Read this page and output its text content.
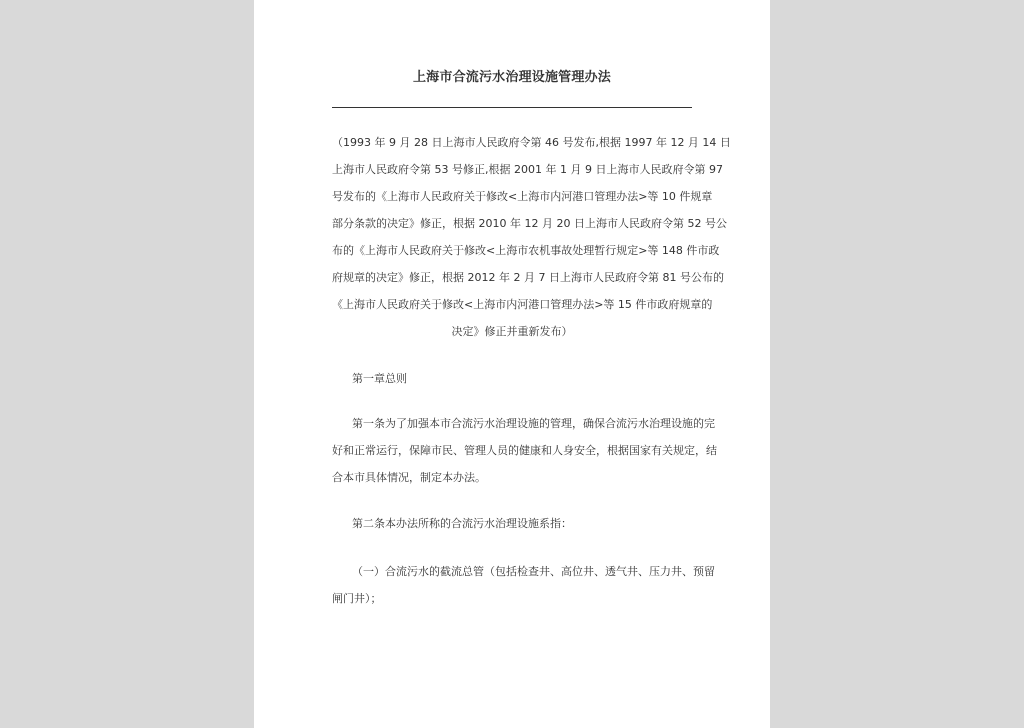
上海市合流污水治理设施管理办法
（1993 年 9 月 28 日上海市人民政府令第 46 号发布,根据 1997 年 12 月 14 日
上海市人民政府令第 53 号修正,根据 2001 年 1 月 9 日上海市人民政府令第 97
号发布的《上海市人民政府关于修改<上海市内河港口管理办法>等 10 件规章
部分条款的决定》修正，根据 2010 年 12 月 20 日上海市人民政府令第 52 号公
布的《上海市人民政府关于修改<上海市农机事故处理暂行规定>等 148 件市政
府规章的决定》修正，根据 2012 年 2 月 7 日上海市人民政府令第 81 号公布的
《上海市人民政府关于修改<上海市内河港口管理办法>等 15 件市政府规章的
决定》修正并重新发布）
第一章总则
第一条为了加强本市合流污水治理设施的管理，确保合流污水治理设施的完
好和正常运行，保障市民、管理人员的健康和人身安全，根据国家有关规定，结
合本市具体情况，制定本办法。
第二条本办法所称的合流污水治理设施系指：
（一）合流污水的截流总管（包括检查井、高位井、透气井、压力井、预留
闸门井）；
